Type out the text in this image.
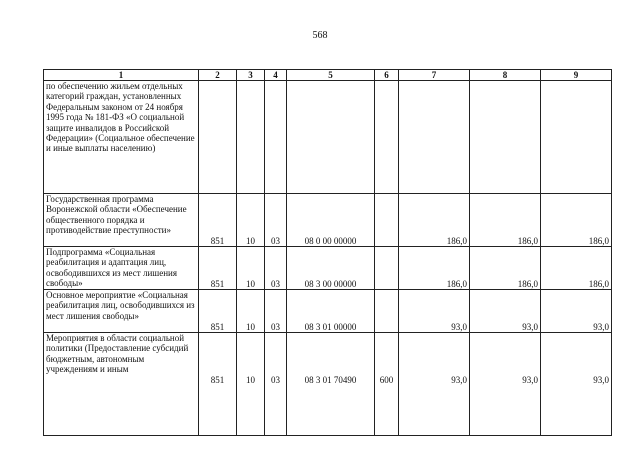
568
1	2	3	4	5	6	7	8	9
по обеспечению жильем отдельных категорий граждан, установленных Федеральным законом от 24 ноября 1995 года № 181-ФЗ «О социальной защите инвалидов в Российской Федерации» (Социальное обеспечение и иные выплаты населению)								
Государственная программа Воронежской области «Обеспечение общественного порядка и противодействие преступности»	851	10	03	08 0 00 00000		186,0	186,0	186,0
Подпрограмма «Социальная реабилитация и адаптация лиц, освободившихся из мест лишения свободы»	851	10	03	08 3 00 00000		186,0	186,0	186,0
Основное мероприятие «Социальная реабилитация лиц, освободившихся из мест лишения свободы»	851	10	03	08 3 01 00000		93,0	93,0	93,0
Мероприятия в области социальной политики (Предоставление субсидий бюджетным, автономным учреждениям и иным	851	10	03	08 3 01 70490	600	93,0	93,0	93,0
